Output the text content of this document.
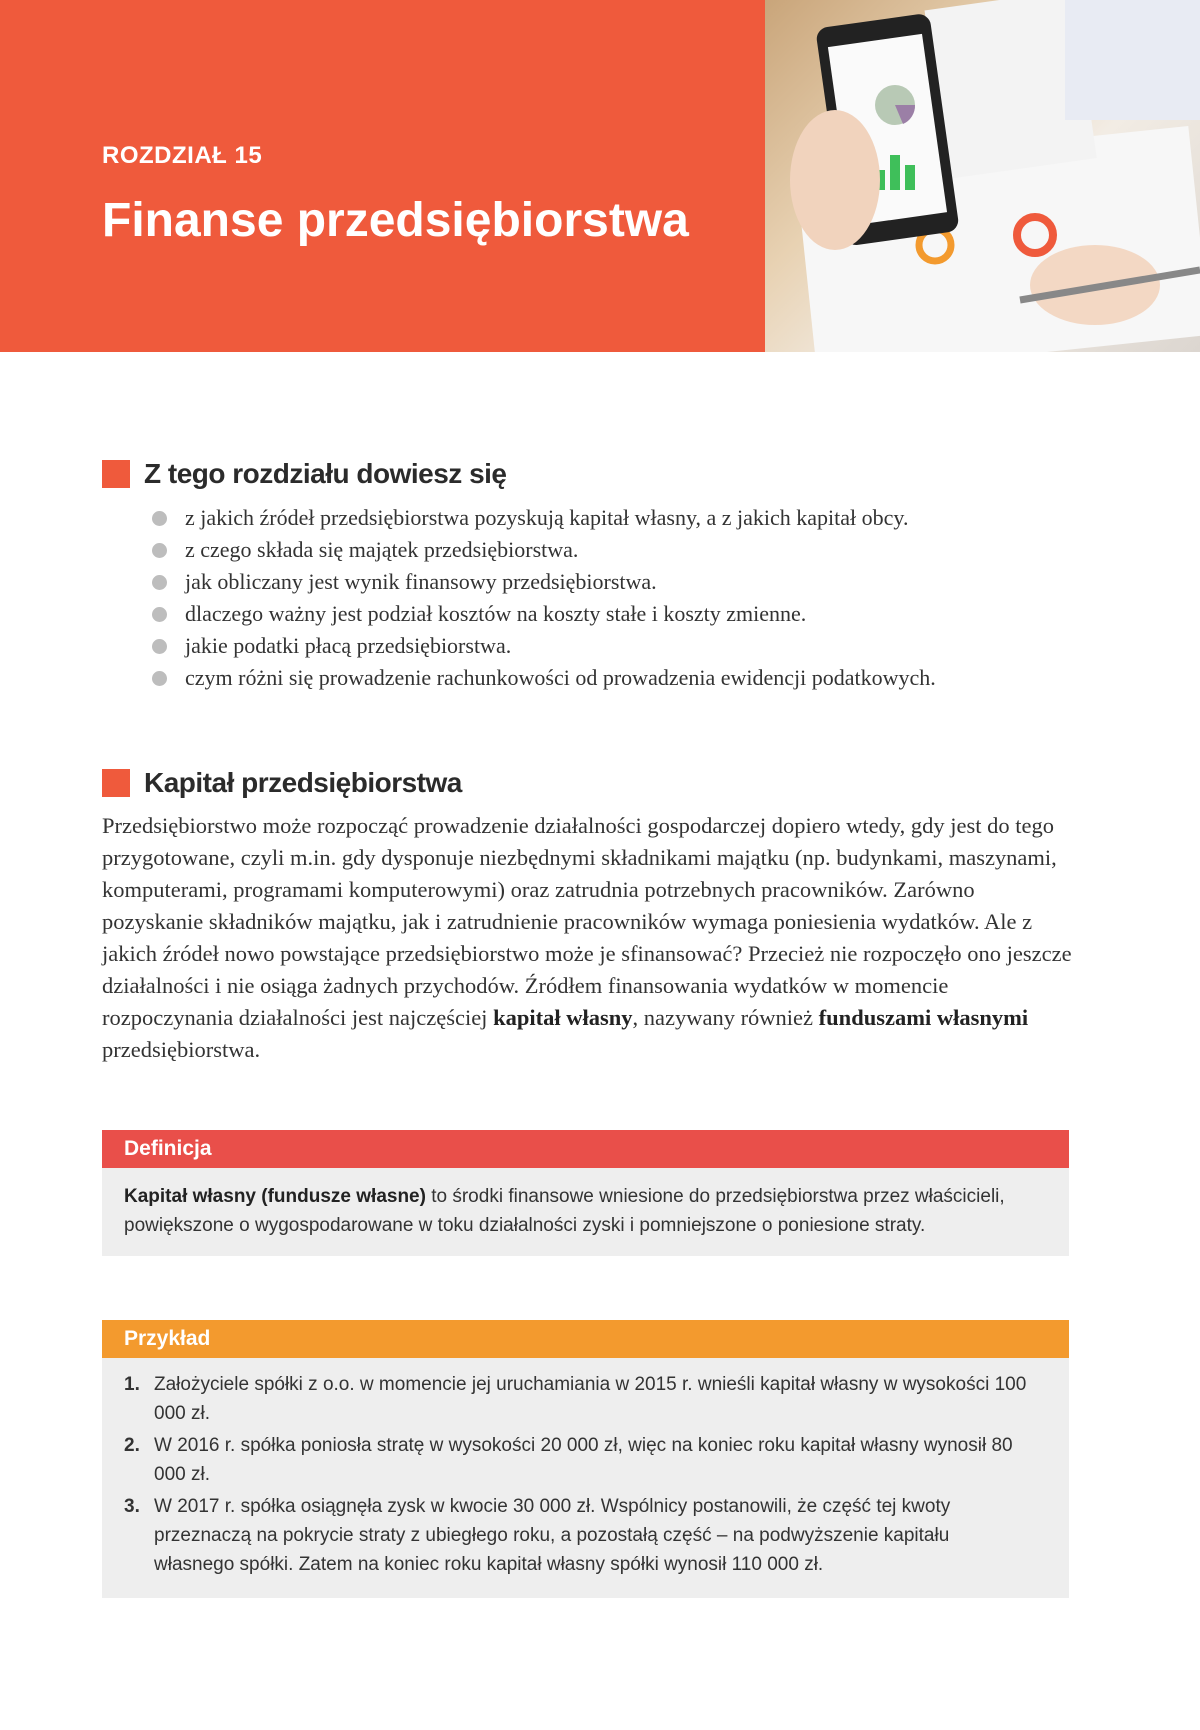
ROZDZIAŁ 15
Finanse przedsiębiorstwa
Z tego rozdziału dowiesz się
z jakich źródeł przedsiębiorstwa pozyskują kapitał własny, a z jakich kapitał obcy.
z czego składa się majątek przedsiębiorstwa.
jak obliczany jest wynik finansowy przedsiębiorstwa.
dlaczego ważny jest podział kosztów na koszty stałe i koszty zmienne.
jakie podatki płacą przedsiębiorstwa.
czym różni się prowadzenie rachunkowości od prowadzenia ewidencji podatkowych.
Kapitał przedsiębiorstwa

Przedsiębiorstwo może rozpocząć prowadzenie działalności gospodarczej dopiero wtedy, gdy jest do tego przygotowane, czyli m.in. gdy dysponuje niezbędnymi składnikami majątku (np. budynkami, maszynami, komputerami, programami komputerowymi) oraz zatrudnia potrzebnych pracowników. Zarówno pozyskanie składników majątku, jak i zatrudnienie pracowników wymaga poniesienia wydatków. Ale z jakich źródeł nowo powstające przedsiębiorstwo może je sfinansować? Przecież nie rozpoczęło ono jeszcze działalności i nie osiąga żadnych przychodów. Źródłem finansowania wydatków w momencie rozpoczynania działalności jest najczęściej kapitał własny, nazywany również funduszami własnymi przedsiębiorstwa.

Definicja
Kapitał własny (fundusze własne) to środki finansowe wniesione do przedsiębiorstwa przez właścicieli, powiększone o wygospodarowane w toku działalności zyski i pomniejszone o poniesione straty.
Przykład
1. Założyciele spółki z o.o. w momencie jej uruchamiania w 2015 r. wnieśli kapitał własny w wysokości 100 000 zł.
2. W 2016 r. spółka poniosła stratę w wysokości 20 000 zł, więc na koniec roku kapitał własny wynosił 80 000 zł.
3. W 2017 r. spółka osiągnęła zysk w kwocie 30 000 zł. Wspólnicy postanowili, że część tej kwoty przeznaczą na pokrycie straty z ubiegłego roku, a pozostałą część – na podwyższenie kapitału własnego spółki. Zatem na koniec roku kapitał własny spółki wynosił 110 000 zł.
